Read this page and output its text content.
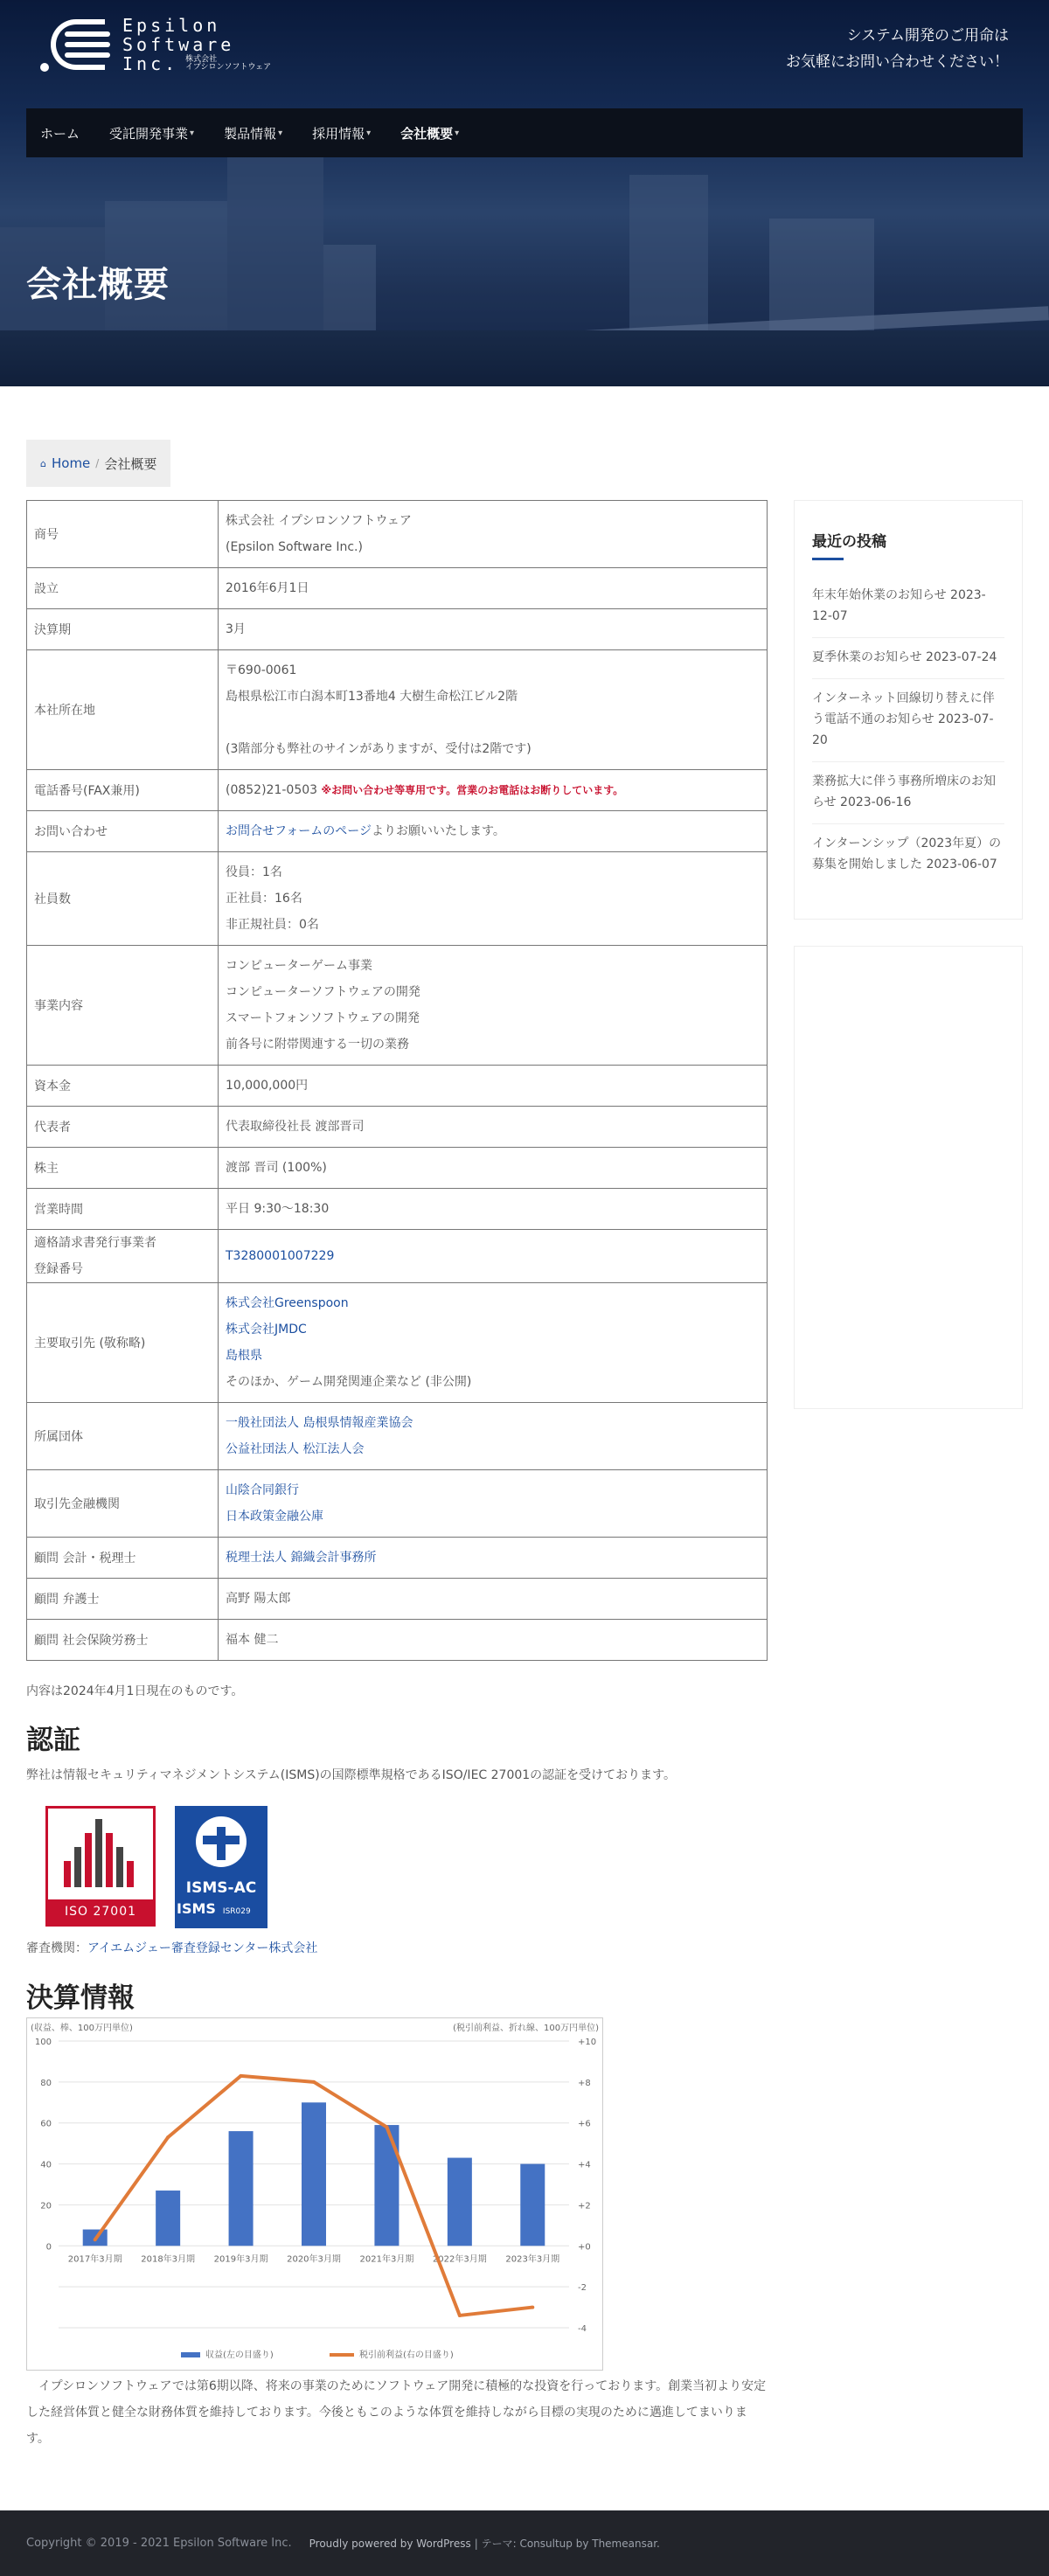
Epsilon
Software
Inc. 株式会社
イプシロンソフトウェア
システム開発のご用命は
お気軽にお問い合わせください！
ホーム 受託開発事業 ▾ 製品情報 ▾ 採用情報 ▾ 会社概要 ▾
会社概要
⌂ Home / 会社概要
商号	株式会社 イプシロンソフトウェア
(Epsilon Software Inc.)

設立	2016年6月1日
決算期	3月
本社所在地	〒690-0061
島根県松江市白潟本町13番地4 大樹生命松江ビル2階
(3階部分も弊社のサインがありますが、受付は2階です)

電話番号(FAX兼用)	(0852)21-0503 ※お問い合わせ等専用です。営業のお電話はお断りしています。
お問い合わせ	お問合せフォームのページよりお願いいたします。
社員数	役員：1名
正社員：16名
非正規社員：0名

事業内容	コンピューターゲーム事業
コンピューターソフトウェアの開発
スマートフォンソフトウェアの開発
前各号に附帯関連する一切の業務

資本金	10,000,000円
代表者	代表取締役社長 渡部晋司
株主	渡部 晋司 (100%)
営業時間	平日 9:30〜18:30

適格請求書発行事業者
登録番号	T3280001007229
主要取引先 (敬称略)	株式会社Greenspoon
株式会社JMDC
島根県
そのほか、ゲーム開発関連企業など (非公開)

所属団体	一般社団法人 島根県情報産業協会
公益社団法人 松江法人会

取引先金融機関	山陰合同銀行
日本政策金融公庫

顧問 会計・税理士	税理士法人 錦織会計事務所
顧問 弁護士	高野 陽太郎
顧問 社会保険労務士	福本 健二
最近の投稿
年末年始休業のお知らせ 2023-12-07
夏季休業のお知らせ 2023-07-24
インターネット回線切り替えに伴う電話不通のお知らせ 2023-07-20
業務拡大に伴う事務所増床のお知らせ 2023-06-16
インターンシップ（2023年夏）の募集を開始しました 2023-06-07
内容は2024年4月1日現在のものです。
認証
弊社は情報セキュリティマネジメントシステム(ISMS)の国際標準規格であるISO/IEC 27001の認証を受けております。
ISO 27001
ISMS-AC
ISMS ISR029
審査機関：アイエムジェー審査登録センター株式会社
決算情報
(収益、棒、100万円単位)	(税引前利益、折れ線、100万円単位)
-4
-2
+0
+2
+4
+6
+8
+10
0
20
40
60
80
100
2017年3月期 2018年3月期 2019年3月期 2020年3月期 2021年3月期 2022年3月期 2023年3月期
収益(左の目盛り)	税引前利益(右の目盛り)
　イプシロンソフトウェアでは第6期以降、将来の事業のためにソフトウェア開発に積極的な投資を行っております。創業当初より安定した経営体質と健全な財務体質を維持しております。今後ともこのような体質を維持しながら目標の実現のために邁進してまいります。
Copyright © 2019 - 2021 Epsilon Software Inc. Proudly powered by WordPress | テーマ: Consultup by Themeansar.
